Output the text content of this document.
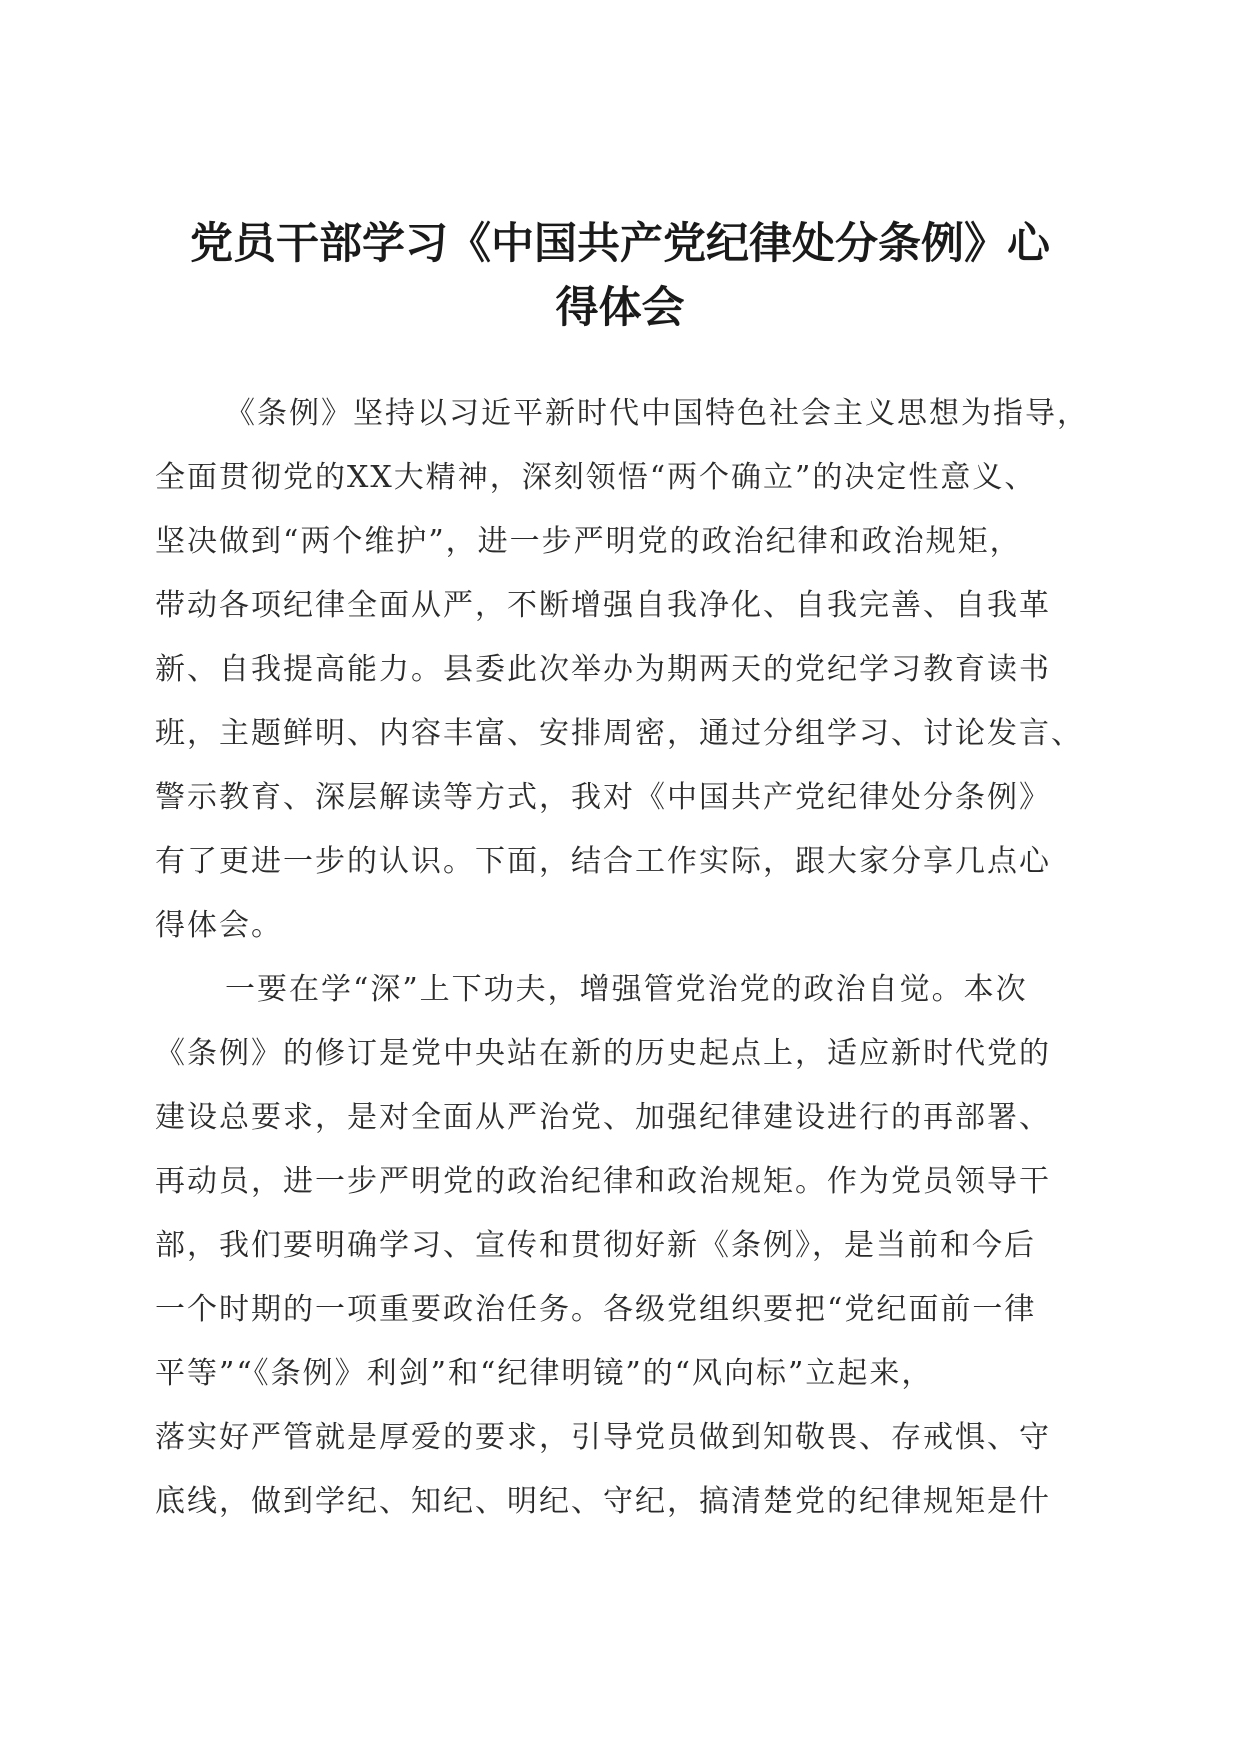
党员干部学习《中国共产党纪律处分条例》心
得体会
《条例》坚持以习近平新时代中国特色社会主义思想为指导，
全面贯彻党的XX大精神，深刻领悟“两个确立”的决定性意义、
坚决做到“两个维护”，进一步严明党的政治纪律和政治规矩，
带动各项纪律全面从严，不断增强自我净化、自我完善、自我革
新、自我提高能力。县委此次举办为期两天的党纪学习教育读书
班，主题鲜明、内容丰富、安排周密，通过分组学习、讨论发言、
警示教育、深层解读等方式，我对《中国共产党纪律处分条例》
有了更进一步的认识。下面，结合工作实际，跟大家分享几点心
得体会。
一要在学“深”上下功夫，增强管党治党的政治自觉。本次
《条例》的修订是党中央站在新的历史起点上，适应新时代党的
建设总要求，是对全面从严治党、加强纪律建设进行的再部署、
再动员，进一步严明党的政治纪律和政治规矩。作为党员领导干
部，我们要明确学习、宣传和贯彻好新《条例》，是当前和今后
一个时期的一项重要政治任务。各级党组织要把“党纪面前一律
平等”“《条例》利剑”和“纪律明镜”的“风向标”立起来，
落实好严管就是厚爱的要求，引导党员做到知敬畏、存戒惧、守
底线，做到学纪、知纪、明纪、守纪，搞清楚党的纪律规矩是什
